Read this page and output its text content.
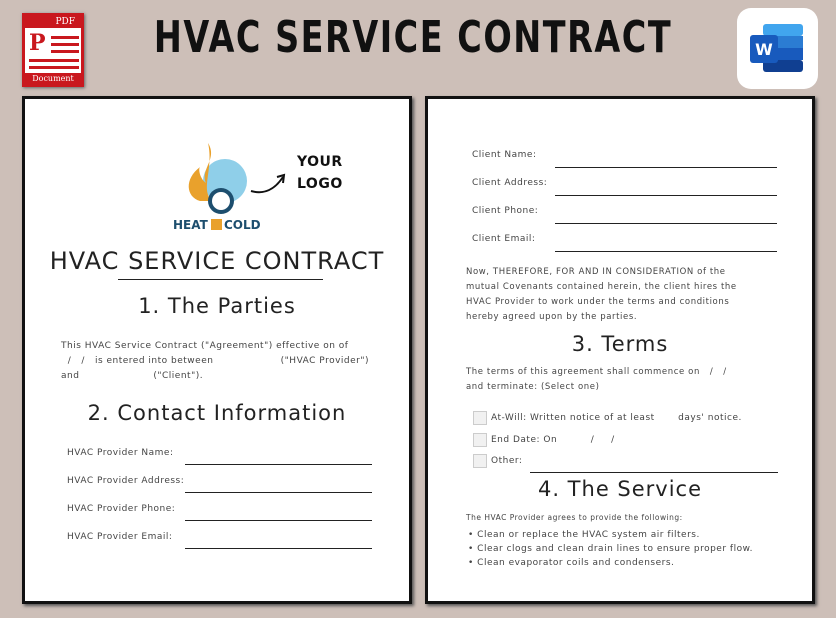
PDF
P
Document
HVAC SERVICE CONTRACT	W
HEAT COLD
YOUR
LOGO
HVAC SERVICE CONTRACT
1. The Parties
This HVAC Service Contract ("Agreement") effective on of
/   /   is entered into between                    ("HVAC Provider")
and                      ("Client").
2. Contact Information
HVAC Provider Name:
HVAC Provider Address:
HVAC Provider Phone:
HVAC Provider Email:
Client Name:
Client Address:
Client Phone:
Client Email:
Now, THEREFORE, FOR AND IN CONSIDERATION of the
mutual Covenants contained herein, the client hires the
HVAC Provider to work under the terms and conditions
hereby agreed upon by the parties.
3. Terms
The terms of this agreement shall commence on   /   /
and terminate: (Select one)
At-Will: Written notice of at least       days' notice.
End Date: On          /     /
Other:
4. The Service
The HVAC Provider agrees to provide the following:
• Clean or replace the HVAC system air filters.
• Clear clogs and clean drain lines to ensure proper flow.
• Clean evaporator coils and condensers.
